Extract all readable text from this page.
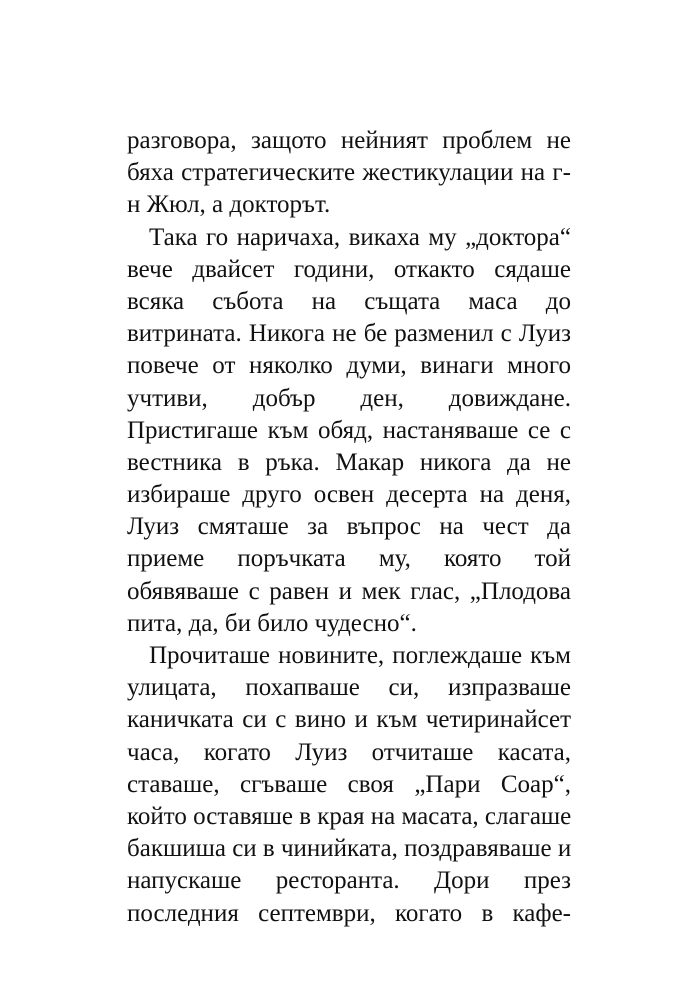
разговора, защото нейният проблем не
бяха стратегическите жестикулации на г-
н Жюл, а докторът.
Така го наричаха, викаха му „доктора“
вече двайсет години, откакто сядаше
всяка събота на същата маса до
витрината. Никога не бе разменил с Луиз
повече от няколко думи, винаги много
учтиви, добър ден, довиждане.
Пристигаше към обяд, настаняваше се с
вестника в ръка. Макар никога да не
избираше друго освен десерта на деня,
Луиз смяташе за въпрос на чест да
приеме поръчката му, която той
обявяваше с равен и мек глас, „Плодова
пита, да, би било чудесно“.
Прочиташе новините, поглеждаше към
улицата, похапваше си, изпразваше
каничката си с вино и към четиринайсет
часа, когато Луиз отчиташе касата,
ставаше, сгъваше своя „Пари Соар“,
който оставяше в края на масата, слагаше
бакшиша си в чинийката, поздравяваше и
напускаше ресторанта. Дори през
последния септември, когато в кафе-
